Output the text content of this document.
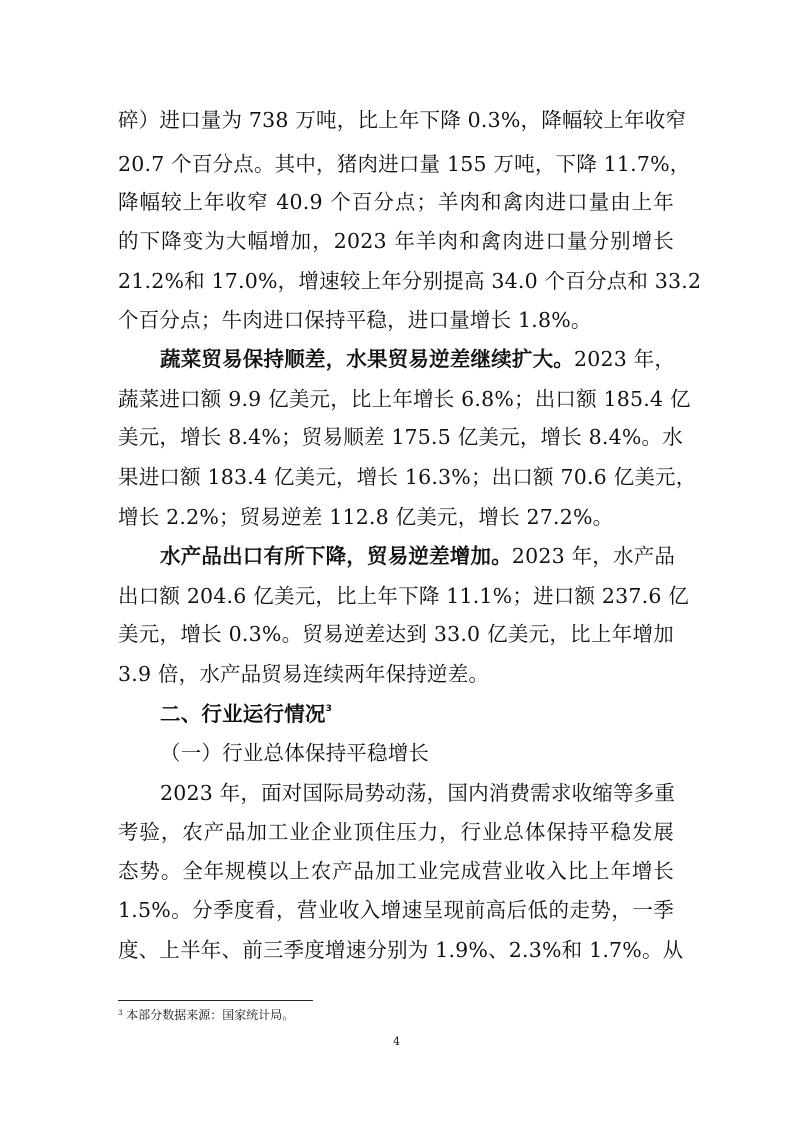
碎）进口量为 738 万吨，比上年下降 0.3%，降幅较上年收窄
20.7 个百分点。其中，猪肉进口量 155 万吨，下降 11.7%，
降幅较上年收窄 40.9 个百分点；羊肉和禽肉进口量由上年
的下降变为大幅增加，2023 年羊肉和禽肉进口量分别增长
21.2%和 17.0%，增速较上年分别提高 34.0 个百分点和 33.2
个百分点；牛肉进口保持平稳，进口量增长 1.8%。
蔬菜贸易保持顺差，水果贸易逆差继续扩大。2023 年，
蔬菜进口额 9.9 亿美元，比上年增长 6.8%；出口额 185.4 亿
美元，增长 8.4%；贸易顺差 175.5 亿美元，增长 8.4%。水
果进口额 183.4 亿美元，增长 16.3%；出口额 70.6 亿美元，
增长 2.2%；贸易逆差 112.8 亿美元，增长 27.2%。
水产品出口有所下降，贸易逆差增加。2023 年，水产品
出口额 204.6 亿美元，比上年下降 11.1%；进口额 237.6 亿
美元，增长 0.3%。贸易逆差达到 33.0 亿美元，比上年增加
3.9 倍，水产品贸易连续两年保持逆差。
二、行业运行情况$^3$
（一）行业总体保持平稳增长
2023 年，面对国际局势动荡，国内消费需求收缩等多重
考验，农产品加工业企业顶住压力，行业总体保持平稳发展
态势。全年规模以上农产品加工业完成营业收入比上年增长
1.5%。分季度看，营业收入增速呈现前高后低的走势，一季
度、上半年、前三季度增速分别为 1.9%、2.3%和 1.7%。从
$^3$ 本部分数据来源：国家统计局。
4
